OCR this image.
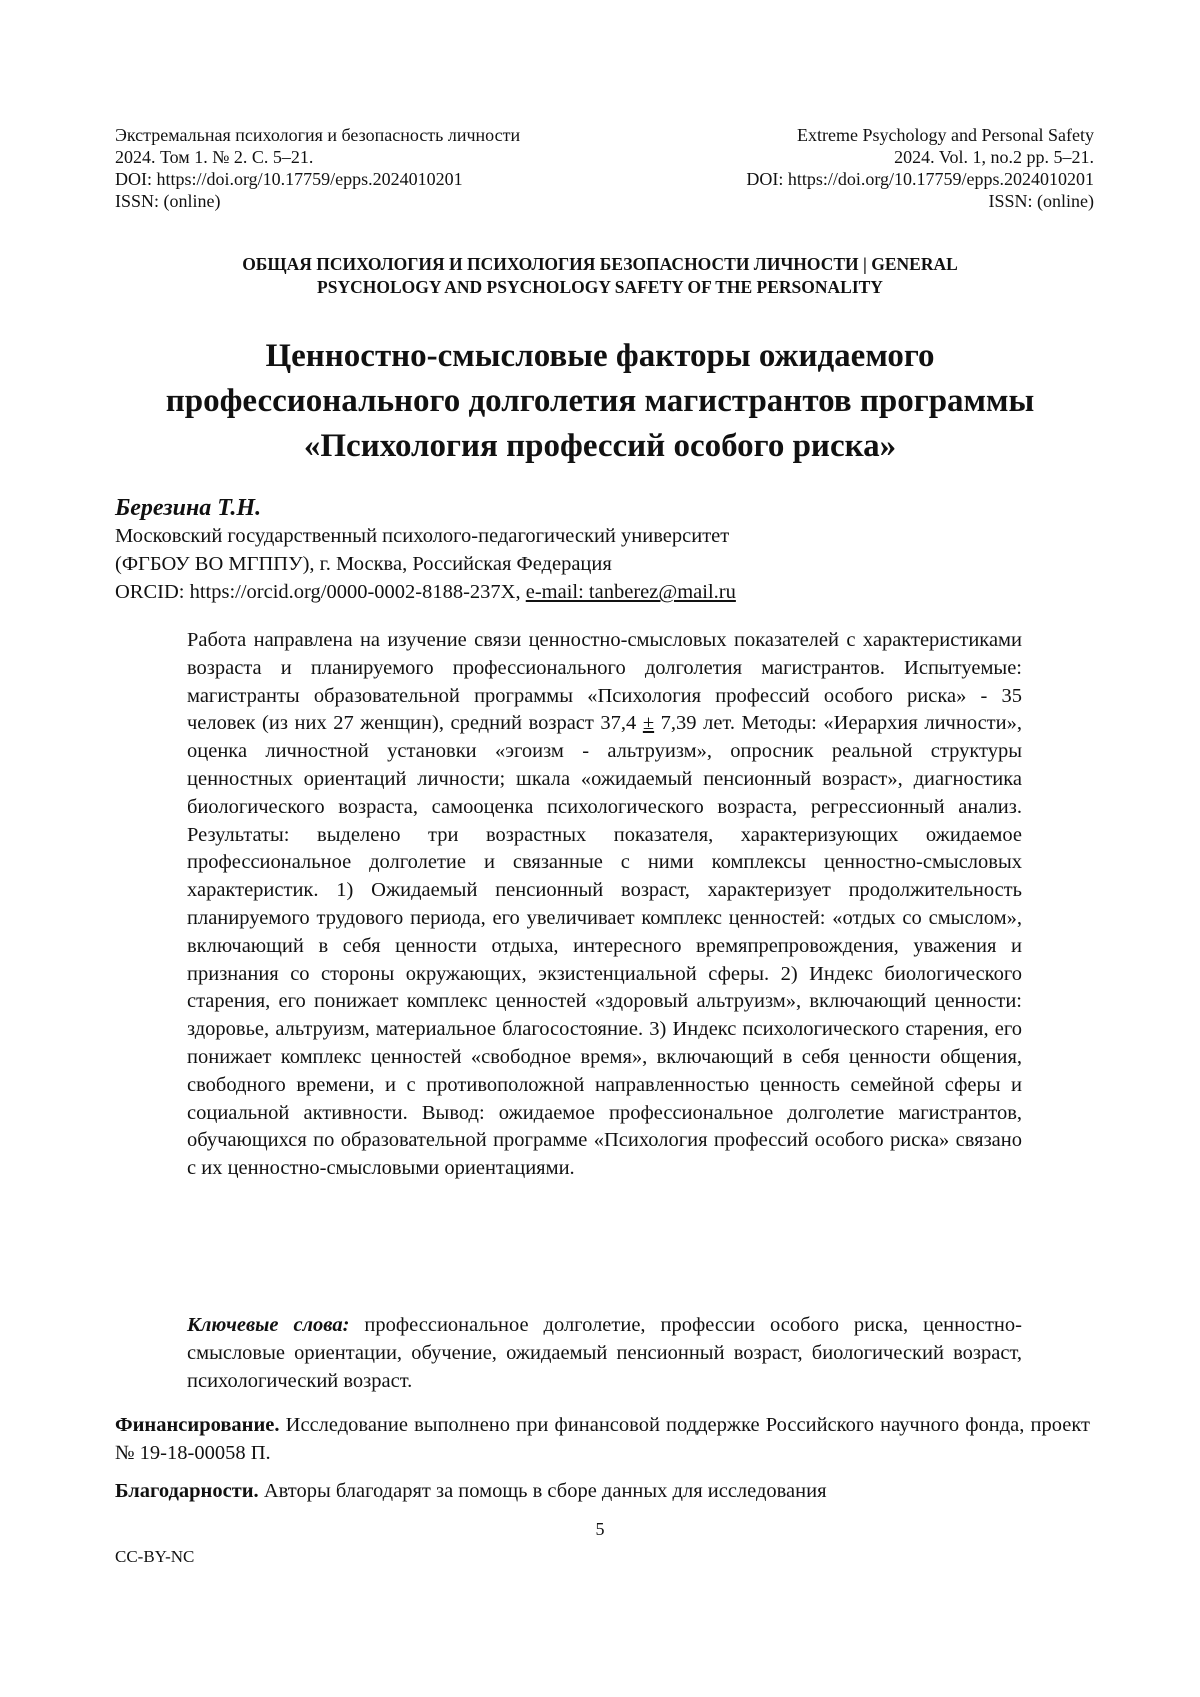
Экстремальная психология и безопасность личности
2024. Том 1. № 2. С. 5–21.
DOI: https://doi.org/10.17759/epps.2024010201
ISSN: (online)
Extreme Psychology and Personal Safety
2024. Vol. 1, no.2 pp. 5–21.
DOI: https://doi.org/10.17759/epps.2024010201
ISSN: (online)
ОБЩАЯ ПСИХОЛОГИЯ И ПСИХОЛОГИЯ БЕЗОПАСНОСТИ ЛИЧНОСТИ | GENERAL
PSYCHOLOGY AND PSYCHOLOGY SAFETY OF THE PERSONALITY
Ценностно-смысловые факторы ожидаемого
профессионального долголетия магистрантов программы
«Психология профессий особого риска»
Березина Т.Н.
Московский государственный психолого-педагогический университет
(ФГБОУ ВО МГППУ), г. Москва, Российская Федерация
ORCID: https://orcid.org/0000-0002-8188-237X, e-mail: tanberez@mail.ru

Работа направлена на изучение связи ценностно-смысловых показателей с характеристиками возраста и планируемого профессионального долголетия магистрантов. Испытуемые: магистранты образовательной программы «Психология профессий особого риска» - 35 человек (из них 27 женщин), средний возраст 37,4 ± 7,39 лет. Методы: «Иерархия личности», оценка личностной установки «эгоизм - альтруизм», опросник реальной структуры ценностных ориентаций личности; шкала «ожидаемый пенсионный возраст», диагностика биологического возраста, самооценка психологического возраста, регрессионный анализ. Результаты: выделено три возрастных показателя, характеризующих ожидаемое профессиональное долголетие и связанные с ними комплексы ценностно-смысловых характеристик. 1) Ожидаемый пенсионный возраст, характеризует продолжительность планируемого трудового периода, его увеличивает комплекс ценностей: «отдых со смыслом», включающий в себя ценности отдыха, интересного времяпрепровождения, уважения и признания со стороны окружающих, экзистенциальной сферы. 2) Индекс биологического старения, его понижает комплекс ценностей «здоровый альтруизм», включающий ценности: здоровье, альтруизм, материальное благосостояние. 3) Индекс психологического старения, его понижает комплекс ценностей «свободное время», включающий в себя ценности общения, свободного времени, и с противоположной направленностью ценность семейной сферы и социальной активности. Вывод: ожидаемое профессиональное долголетие магистрантов, обучающихся по образовательной программе «Психология профессий особого риска» связано с их ценностно-смысловыми ориентациями.

Ключевые слова: профессиональное долголетие, профессии особого риска, ценностно-смысловые ориентации, обучение, ожидаемый пенсионный возраст, биологический возраст, психологический возраст.
Финансирование. Исследование выполнено при финансовой поддержке Российского научного фонда, проект № 19-18-00058 П.
Благодарности. Авторы благодарят за помощь в сборе данных для исследования
5
CC-BY-NC
